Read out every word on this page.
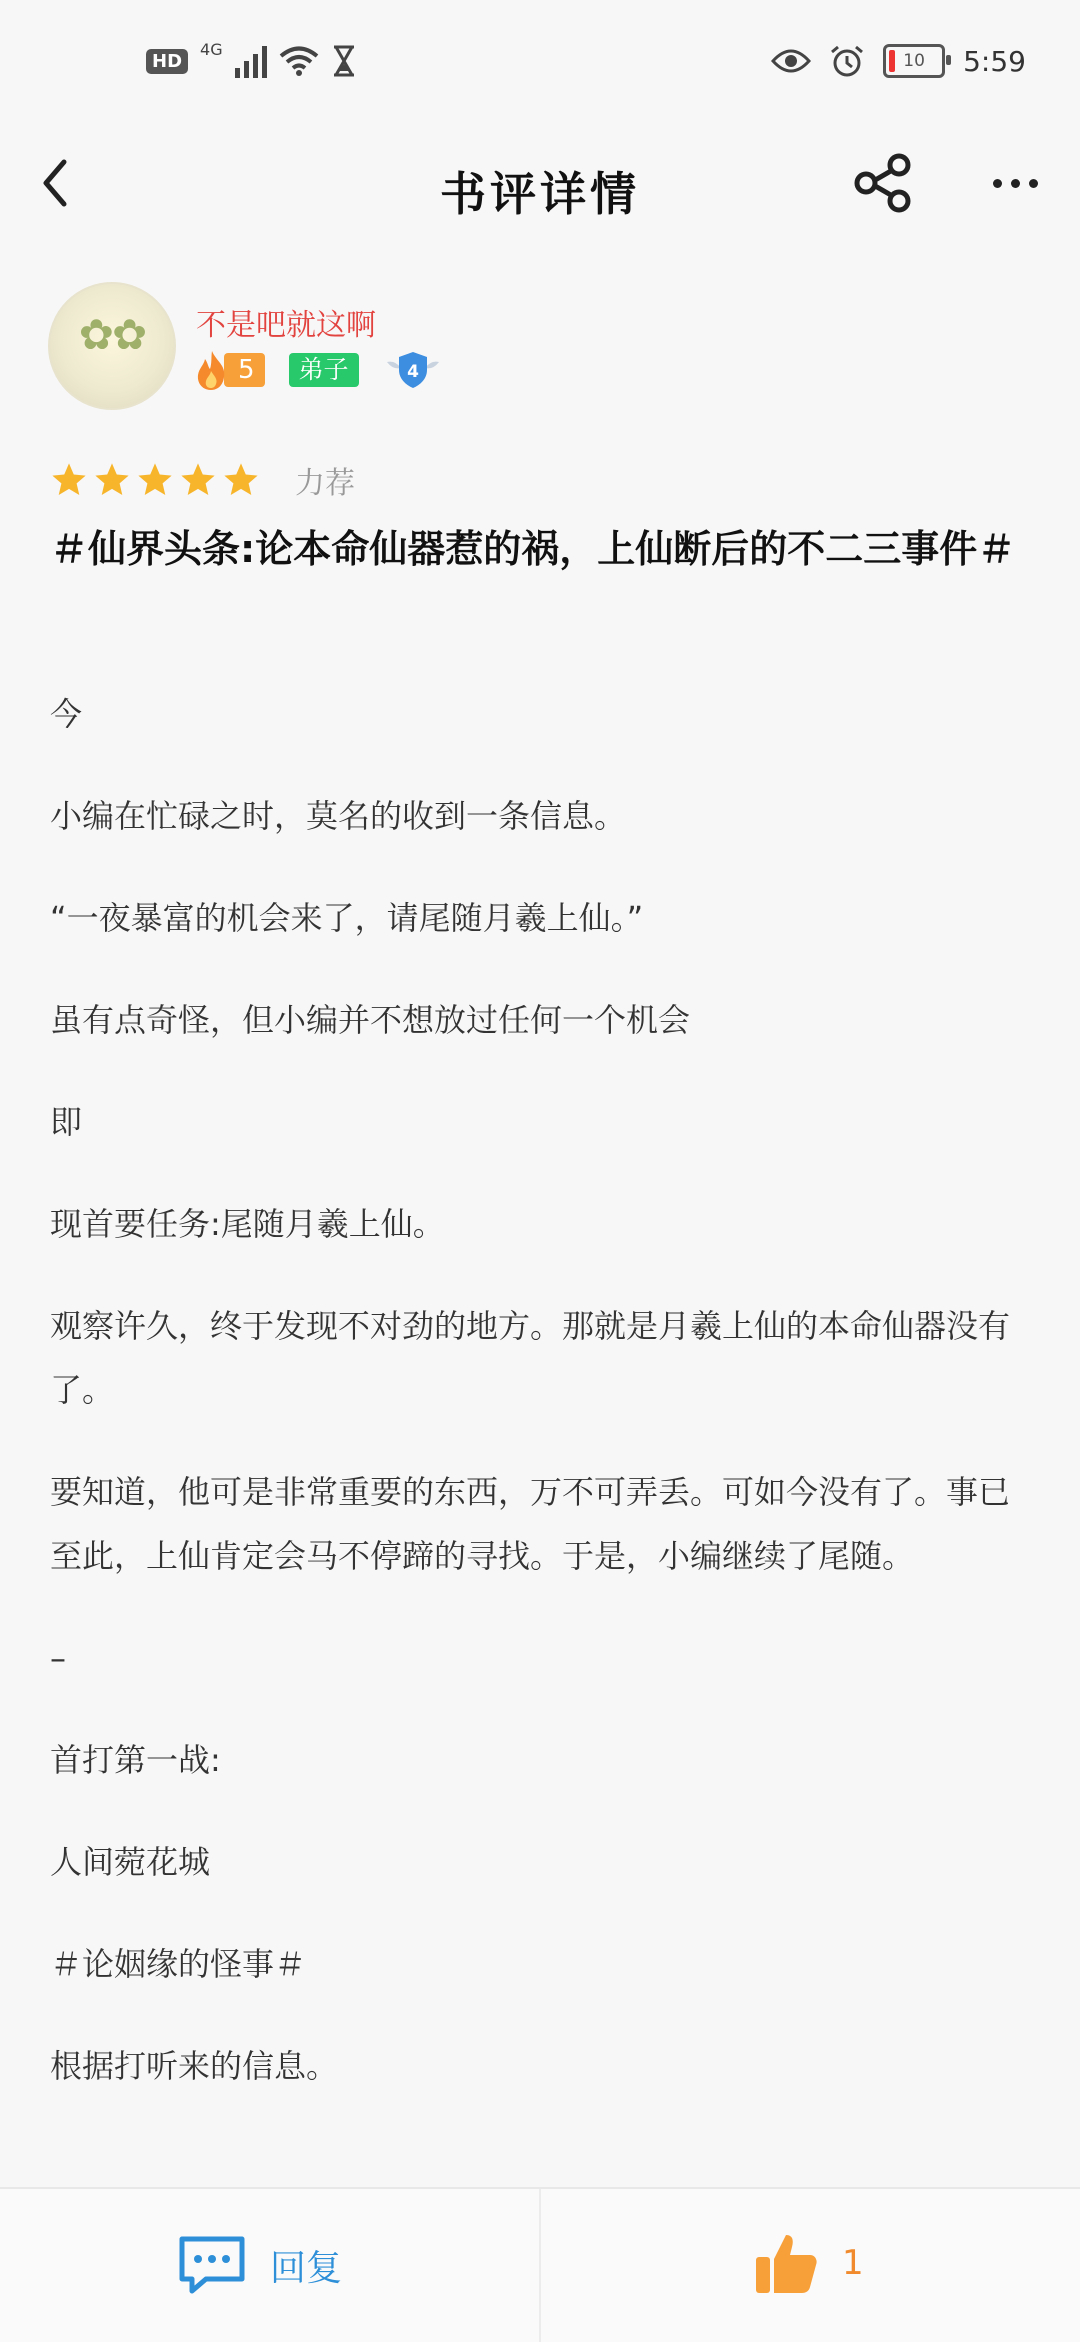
HD
4G
10 5:59
书评详情
✿✿	不是吧就这啊
5	弟子	4
力荐
＃仙界头条:论本命仙器惹的祸，上仙断后的不二三事件＃

今

小编在忙碌之时，莫名的收到一条信息。

“一夜暴富的机会来了，请尾随月羲上仙。”

虽有点奇怪，但小编并不想放过任何一个机会

即

现首要任务:尾随月羲上仙。

观察许久，终于发现不对劲的地方。那就是月羲上仙的本命仙器没有了。

要知道，他可是非常重要的东西，万不可弄丢。可如今没有了。事已至此，上仙肯定会马不停蹄的寻找。于是，小编继续了尾随。

–

首打第一战:

人间菀花城

＃论姻缘的怪事＃

根据打听来的信息。

回复	1
